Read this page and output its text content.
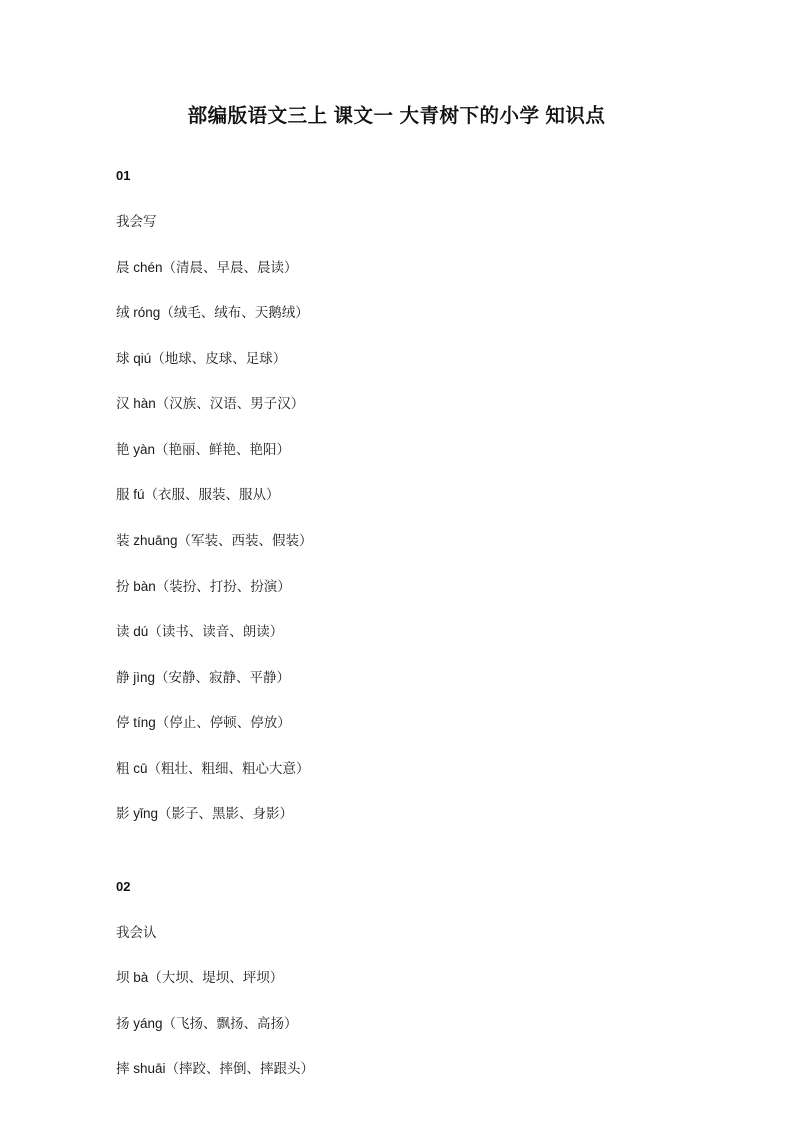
部编版语文三上 课文一 大青树下的小学 知识点
01
我会写
晨 chén（清晨、早晨、晨读）
绒 róng（绒毛、绒布、天鹅绒）
球 qiú（地球、皮球、足球）
汉 hàn（汉族、汉语、男子汉）
艳 yàn（艳丽、鲜艳、艳阳）
服 fú（衣服、服装、服从）
装 zhuāng（军装、西装、假装）
扮 bàn（装扮、打扮、扮演）
读 dú（读书、读音、朗读）
静 jìng（安静、寂静、平静）
停 tíng（停止、停顿、停放）
粗 cū（粗壮、粗细、粗心大意）
影 yǐng（影子、黑影、身影）
02
我会认
坝 bà（大坝、堤坝、坪坝）
扬 yáng（飞扬、飘扬、高扬）
摔 shuāi（摔跤、摔倒、摔跟头）
